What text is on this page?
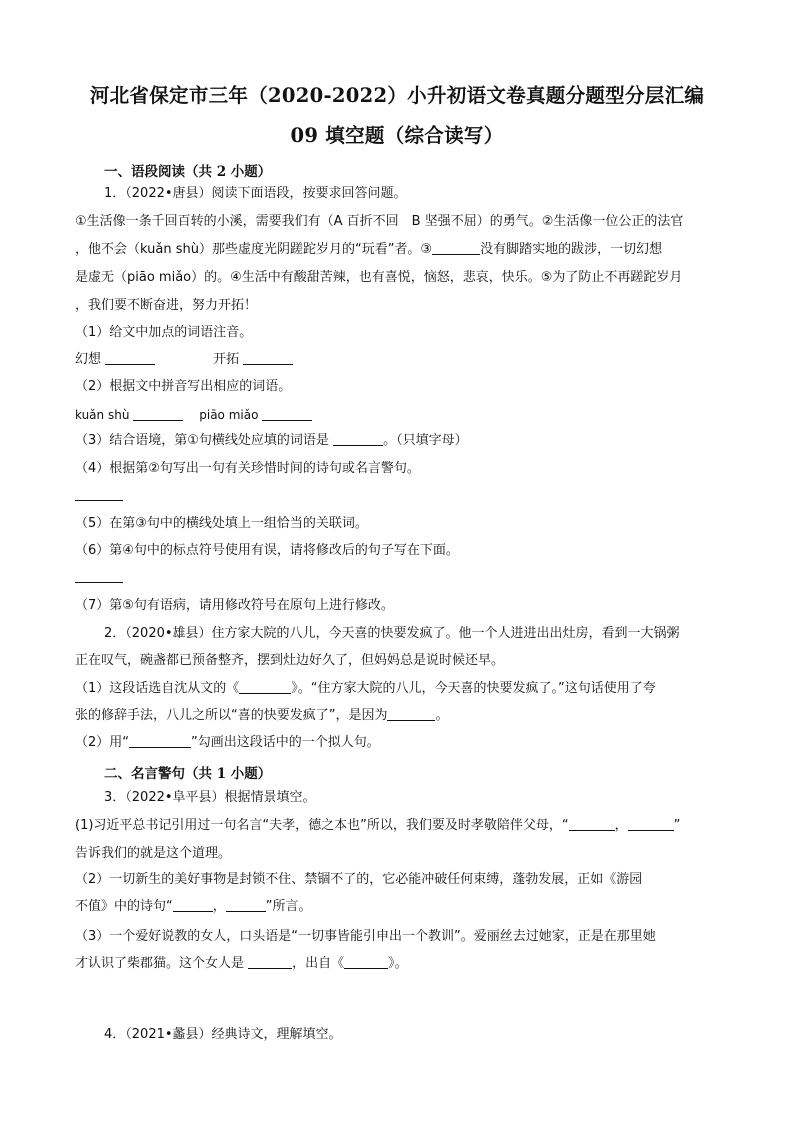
河北省保定市三年（2020-2022）小升初语文卷真题分题型分层汇编
09 填空题（综合读写）
一、语段阅读（共 2 小题）
1．（2022•唐县）阅读下面语段，按要求回答问题。
①生活像一条千回百转的小溪，需要我们有（A 百折不回　B 坚强不屈）的勇气。②生活像一位公正的法官
，他不会（kuǎn shù）那些虚度光阴蹉跎岁月的“玩看”者。③	没有脚踏实地的跋涉，一切幻想
是虚无（piāo miǎo）的。④生活中有酸甜苦辣，也有喜悦，恼怒，悲哀，快乐。⑤为了防止不再蹉跎岁月
，我们要不断奋进，努力开拓！
（1）给文中加点的词语注音。
幻想	开拓
（2）根据文中拼音写出相应的词语。
kuǎn shù	piāo miǎo
（3）结合语境，第①句横线处应填的词语是	。（只填字母）
（4）根据第②句写出一句有关珍惜时间的诗句或名言警句。
（5）在第③句中的横线处填上一组恰当的关联词。
（6）第④句中的标点符号使用有误，请将修改后的句子写在下面。
（7）第⑤句有语病，请用修改符号在原句上进行修改。
2．（2020•雄县）住方家大院的八儿，今天喜的快要发疯了。他一个人进进出出灶房，看到一大锅粥
正在叹气，碗盏都已预备整齐，摆到灶边好久了，但妈妈总是说时候还早。
（1）这段话选自沈从文的《	》。“住方家大院的八儿，今天喜的快要发疯了。”这句话使用了夸
张的修辞手法，八儿之所以“喜的快要发疯了”，是因为	。
（2）用“	”勾画出这段话中的一个拟人句。
二、名言警句（共 1 小题）
3．（2022•阜平县）根据情景填空。
(1)习近平总书记引用过一句名言“夫孝，德之本也”所以，我们要及时孝敬陪伴父母，“	，	”
告诉我们的就是这个道理。
（2）一切新生的美好事物是封锁不住、禁锢不了的，它必能冲破任何束缚，蓬勃发展，正如《游园
不值》中的诗句“	，	”所言。
（3）一个爱好说教的女人，口头语是“一切事皆能引申出一个教训”。爱丽丝去过她家，正是在那里她
才认识了柴郡猫。这个女人是	，出自《	》。
4．（2021•蠡县）经典诗文，理解填空。
